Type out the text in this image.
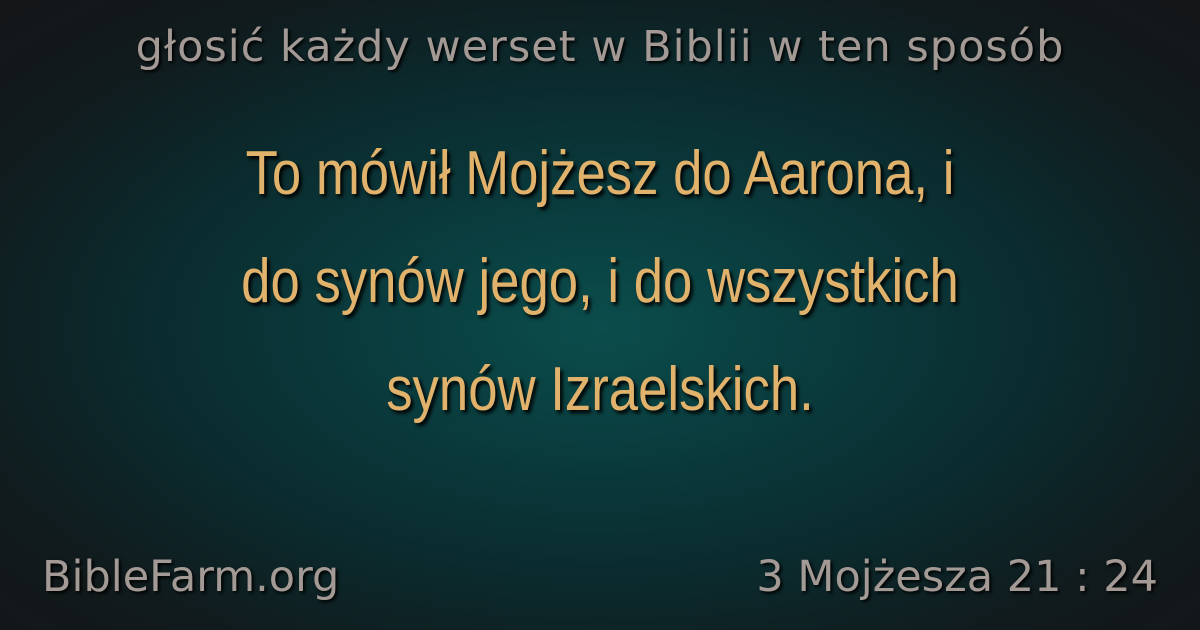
głosić każdy werset w Biblii w ten sposób
To mówił Mojżesz do Aarona, i
do synów jego, i do wszystkich
synów Izraelskich.
BibleFarm.org	3 Mojżesza 21 : 24
